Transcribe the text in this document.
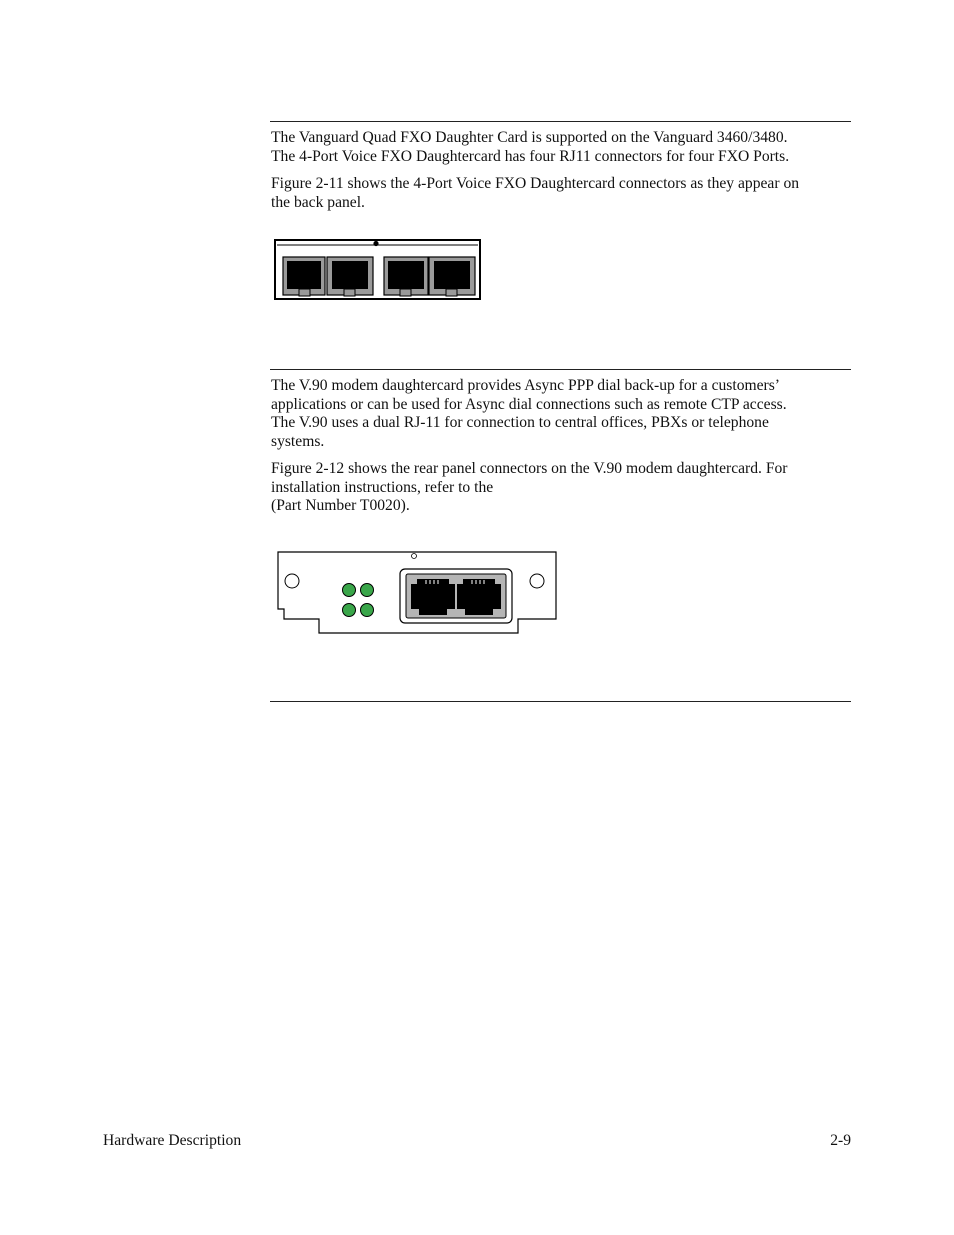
The Vanguard Quad FXO Daughter Card is supported on the Vanguard 3460/3480.
The 4-Port Voice FXO Daughtercard has four RJ11 connectors for four FXO Ports.

Figure 2-11 shows the 4-Port Voice FXO Daughtercard connectors as they appear on
the back panel.

The V.90 modem daughtercard provides Async PPP dial back-up for a customers’
applications or can be used for Async dial connections such as remote CTP access.
The V.90 uses a dual RJ-11 for connection to central offices, PBXs or telephone
systems.

Figure 2-12 shows the rear panel connectors on the V.90 modem daughtercard. For
installation instructions, refer to the
(Part Number T0020).

Hardware Description	2-9
